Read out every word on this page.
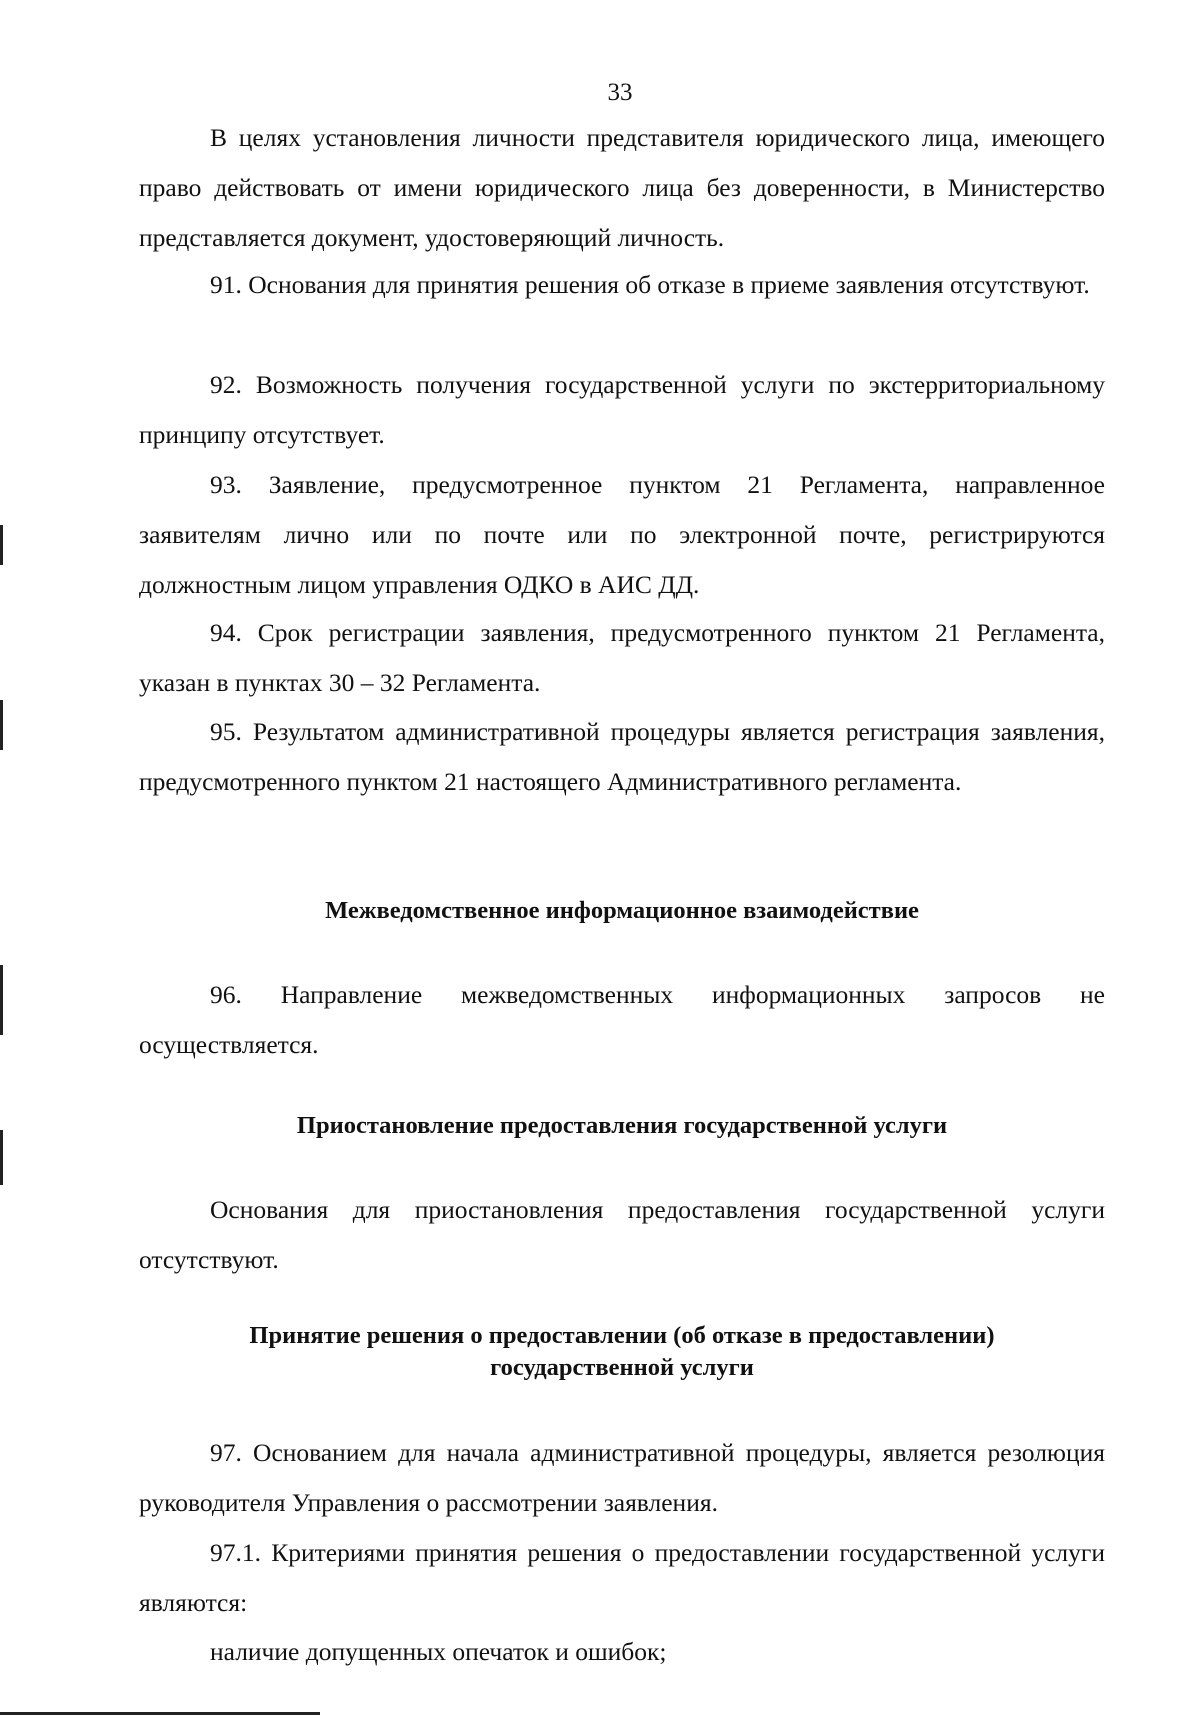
33
В целях установления личности представителя юридического лица, имеющего право действовать от имени юридического лица без доверенности, в Министерство представляется документ, удостоверяющий личность.
91. Основания для принятия решения об отказе в приеме заявления отсутствуют.
92. Возможность получения государственной услуги по экстерриториальному принципу отсутствует.
93. Заявление, предусмотренное пунктом 21 Регламента, направленное заявителям лично или по почте или по электронной почте, регистрируются должностным лицом управления ОДКО в АИС ДД.
94. Срок регистрации заявления, предусмотренного пунктом 21 Регламента, указан в пунктах 30 – 32 Регламента.
95. Результатом административной процедуры является регистрация заявления, предусмотренного пунктом 21 настоящего Административного регламента.
Межведомственное информационное взаимодействие
96. Направление межведомственных информационных запросов не осуществляется.
Приостановление предоставления государственной услуги
Основания для приостановления предоставления государственной услуги отсутствуют.
Принятие решения о предоставлении (об отказе в предоставлении)
государственной услуги
97. Основанием для начала административной процедуры, является резолюция руководителя Управления о рассмотрении заявления.
97.1. Критериями принятия решения о предоставлении государственной услуги являются:
наличие допущенных опечаток и ошибок;
